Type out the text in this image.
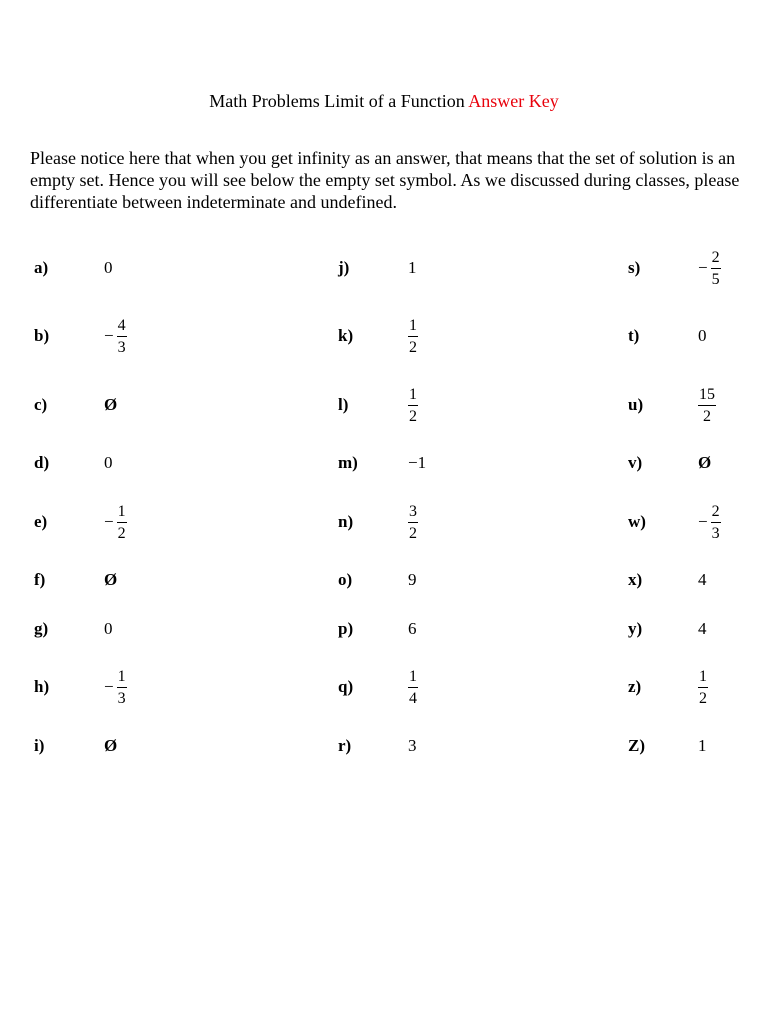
Math Problems Limit of a Function Answer Key
Please notice here that when you get infinity as an answer, that means that the set of solution is an empty set. Hence you will see below the empty set symbol. As we discussed during classes, please differentiate between indeterminate and undefined.
a)	0
b)	− $\frac{4}{3}$
c)	Ø
d)	0
e)	− $\frac{1}{2}$
f)	Ø
g)	0
h)	− $\frac{1}{3}$
i)	Ø
j)	1
k)	$\frac{1}{2}$
l)	$\frac{1}{2}$
m)	−1
n)	$\frac{3}{2}$
o)	9
p)	6
q)	$\frac{1}{4}$
r)	3
s)	− $\frac{2}{5}$
t)	0
u)	$\frac{15}{2}$
v)	Ø
w)	− $\frac{2}{3}$
x)	4
y)	4
z)	$\frac{1}{2}$
Z)	1
